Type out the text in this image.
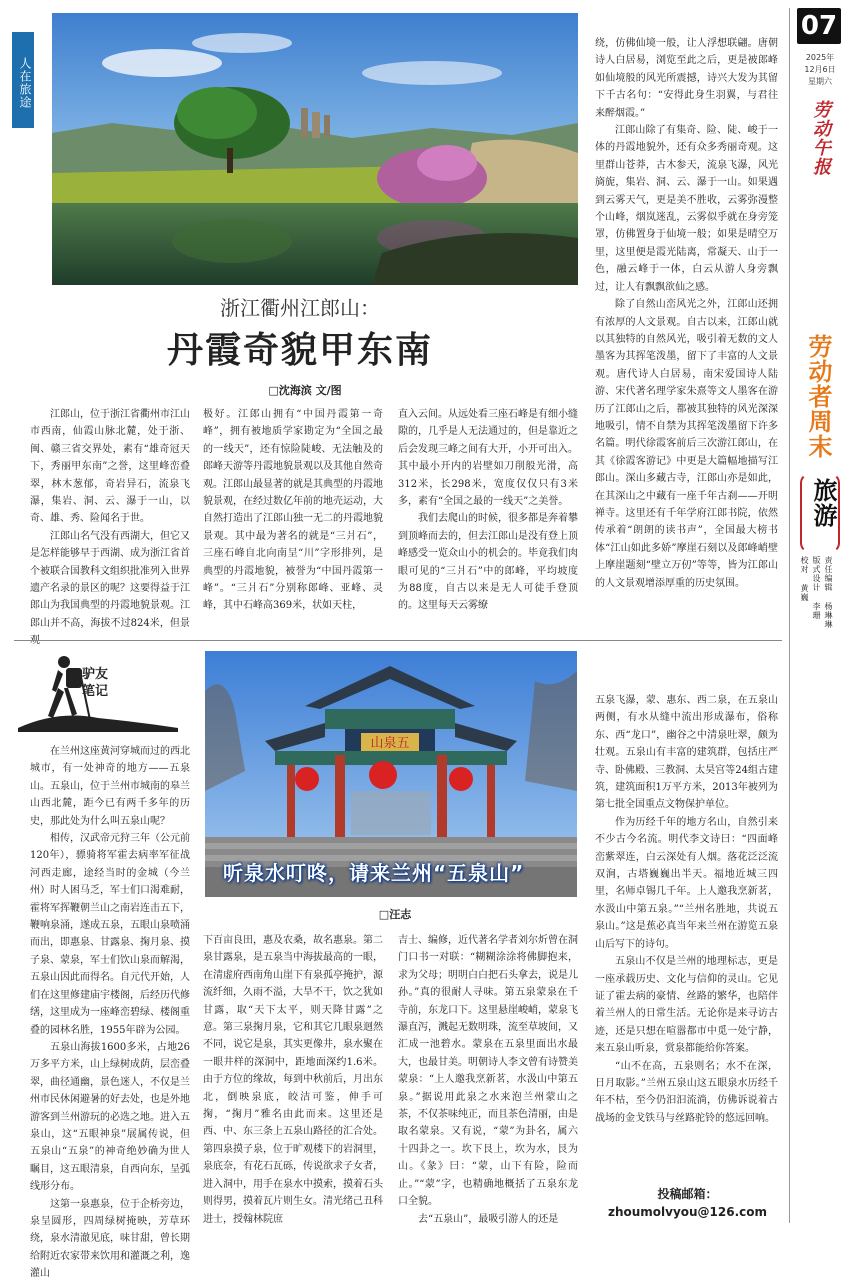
07
2025年
12月6日
星期六
劳动午报
劳动者周末
旅游
责任编辑 杨琳琳
版式设计 李珊
校对 黄巍
人在旅途
浙江衢州江郎山：
丹霞奇貌甲东南
□沈海滨 文/图

江郎山，位于浙江省衢州市江山市西南，仙霞山脉北麓，处于浙、闽、赣三省交界处，素有“雄奇冠天下，秀丽甲东南”之誉，这里峰峦叠翠，林木葱郁，奇岩异石，流泉飞瀑，集岩、洞、云、瀑于一山，以奇、雄、秀、险闻名于世。

江郎山名气没有西湖大，但它又是怎样能够早于西湖、成为浙江省首个被联合国教科文组织批准列入世界遗产名录的景区的呢？这要得益于江郎山为我国典型的丹霞地貌景观。江郎山并不高，海拔不过824米，但景

极好。江郎山拥有“中国丹霞第一奇峰”，拥有被地质学家勘定为“全国之最的一线天”，还有惊险陡峻、无法触及的郎峰天游等丹霞地貌景观以及其他自然奇观。江郎山最显著的就是其典型的丹霞地貌景观，在经过数亿年前的地壳运动，大自然打造出了江郎山独一无二的丹霞地貌景观。其中最为著名的就是“三爿石”，三座石峰自北向南呈“川”字形排列，是典型的丹霞地貌，被誉为“中国丹霞第一峰”。“三爿石”分别称郎峰、亚峰、灵峰，其中石峰高369米，状如天柱，

直入云间。从远处看三座石峰是有细小缝隙的，几乎是人无法通过的，但是靠近之后会发现三峰之间有大开，小开可出入。其中最小开内的岩壁如刀削般光滑，高312米，长298米，宽度仅仅只有3米多，素有“全国之最的一线天”之美誉。

我们去爬山的时候，很多都是奔着攀到顶峰而去的，但去江郎山是没有登上顶峰感受一览众山小的机会的。毕竟我们肉眼可见的“三爿石”中的郎峰，平均坡度为88度，自古以来是无人可徒手登顶的。这里每天云雾缭

绕，仿佛仙境一般，让人浮想联翩。唐朝诗人白居易，浏览至此之后，更是被郎峰如仙境般的风光所震撼，诗兴大发为其留下千古名句：“安得此身生羽翼，与君往来醉烟霞。”

江郎山除了有集奇、险、陡、峻于一体的丹霞地貌外，还有众多秀丽奇观。这里群山苍莽，古木参天，流泉飞瀑，风光旖旎，集岩、洞、云、瀑于一山。如果遇到云雾天气，更是美不胜收，云雾弥漫整个山峰，烟岚迷乱，云雾似乎就在身旁笼罩，仿佛置身于仙境一般；如果是晴空万里，这里便是霞光陆离，常凝天、山于一色，融云峰于一体，白云从游人身旁飘过，让人有飘飘欲仙之感。

除了自然山峦风光之外，江郎山还拥有浓厚的人文景观。自古以来，江郎山就以其独特的自然风光，吸引着无数的文人墨客为其挥笔泼墨，留下了丰富的人文景观。唐代诗人白居易，南宋爱国诗人陆游、宋代著名理学家朱熹等文人墨客在游历了江郎山之后，都被其独特的风光深深地吸引，情不自禁为其挥笔泼墨留下许多名篇。明代徐霞客前后三次游江郎山，在其《徐霞客游记》中更是大篇幅地描写江郎山。深山多藏古寺，江郎山亦是如此，在其深山之中藏有一座千年古刹——开明禅寺。这里还有千年学府江郎书院，依然传承着“朗朗的读书声”，全国最大榜书体“江山如此多娇”摩崖石刻以及郎峰峭壁上摩崖题刻“壁立万仞”等等，皆为江郎山的人文景观增添厚重的历史氛围。

驴友笔记
山泉五
听泉水叮咚，请来兰州“五泉山”
□汪志

在兰州这座黄河穿城而过的西北城市，有一处神奇的地方——五泉山。五泉山，位于兰州市城南的皋兰山西北麓，距今已有两千多年的历史，那此处为什么叫五泉山呢？

相传，汉武帝元狩三年（公元前120年），骠骑将军霍去病率军征战河西走廊，途经当时的金城（今兰州）时人困马乏，军士们口渴难耐，霍将军挥鞭朝兰山之南岩连击五下，鞭响泉涌，遂成五泉，五眼山泉喷涌而出，即惠泉、甘露泉、掬月泉、摸子泉、蒙泉，军士们饮山泉而解渴，五泉山因此而得名。自元代开始，人们在这里修建庙宇楼阁，后经历代修缮，这里成为一座峰峦碧绿、楼阁重叠的园林名胜，1955年辟为公园。

五泉山海拔1600多米，占地26万多平方米，山上绿树成荫，层峦叠翠，曲径通幽，景色迷人，不仅是兰州市民休闲避暑的好去处，也是外地游客到兰州游玩的必选之地。进入五泉山，这“五眼神泉”展属传说，但五泉山“五泉”的神奇绝妙确为世人瞩目，这五眼清泉，自西向东，呈弧线形分布。

这第一泉惠泉，位于企桥旁边，泉呈圆形，四周绿树掩映，芳草环绕，泉水清澈见底，味甘甜，曾长期给附近农家带来饮用和灌溉之利，逸灌山

下百亩良田，惠及农桑，故名惠泉。第二泉甘露泉，是五泉当中海拔最高的一眼，在清虚府西南角山崖下有泉孤亭掩护，源流纤细，久雨不溢，大旱不干，饮之犹如甘露，取“天下太平，则天降甘露”之意。第三泉掬月泉，它和其它几眼泉迥然不同，说它是泉，其实更像井，泉水聚在一眼井样的深洞中，距地面深约1.6米。由于方位的缘故，每到中秋前后，月出东北，倒映泉底，皎洁可鉴，伸手可掬，“掬月”雅名由此而来。这里还是西、中、东三条上五泉山路径的汇合处。第四泉摸子泉，位于旷观楼下的岩洞里，泉底奈，有花石瓦砾，传说欲求子女者，进入洞中，用手在泉水中摸索，摸着石头则得男，摸着瓦片则生女。清光绪己丑科进士，授翰林院庶

吉士、编修，近代著名学者刘尔炘曾在洞门口书一对联：“糊糊涂涂将佛脚抱来，求为父母；明明白白把石头拿去，说是儿孙。”真的很耐人寻味。第五泉蒙泉在千寺前，东龙口下。这里悬崖峻峭，蒙泉飞瀑直泻，溅起无数明珠，流至草坡间，又汇成一池碧水。蒙泉在五泉里面出水最大，也最甘美。明朝诗人李文曾有诗赞美蒙泉：“上人邀我烹新茗，水汲山中第五泉。”据说用此泉之水来泡兰州蒙山之茶，不仅茶味纯正，而且茶色清丽，由是取名蒙泉。又有说，“蒙”为卦名，属六十四卦之一。坎下艮上，坎为水，艮为山。《彖》曰：“蒙，山下有险，险而止。”“蒙”字，也精确地概括了五泉东龙口全貌。

去“五泉山”，最吸引游人的还是

五泉飞瀑，蒙、惠东、西二泉，在五泉山两侧，有水从缝中流出形成瀑布，俗称东、西“龙口”，幽谷之中清泉吐翠，颇为壮观。五泉山有丰富的建筑群，包括庄严寺、卧佛殿、三教洞、太昊宫等24组古建筑，建筑面积1万平方米，2013年被列为第七批全国重点文物保护单位。

作为历经千年的地方名山，自然引来不少古今名流。明代李文诗曰：“四面峰峦紫翠连，白云深处有人烟。落花泛泛流双涧，古塔巍巍出半天。福地近城三四里，名师卓锡几千年。上人邀我烹新茗，水汲山中第五泉。”“兰州名胜地，共说五泉山。”这是蕉必真当年来兰州在游览五泉山后写下的诗句。

五泉山不仅是兰州的地理标志，更是一座承载历史、文化与信仰的灵山。它见证了霍去病的豪情、丝路的繁华，也陪伴着兰州人的日常生活。无论你是来寻访古迹，还是只想在喧嚣都市中觅一处宁静，来五泉山听泉，赏泉都能给你答案。

“山不在高，五泉则名；水不在深，日月取影。”兰州五泉山这五眼泉水历经千年不枯，至今仍汩汩流淌，仿佛诉说着古战场的金戈铁马与丝路驼铃的悠远回响。

投稿邮箱：
zhoumolvyou@126.com
